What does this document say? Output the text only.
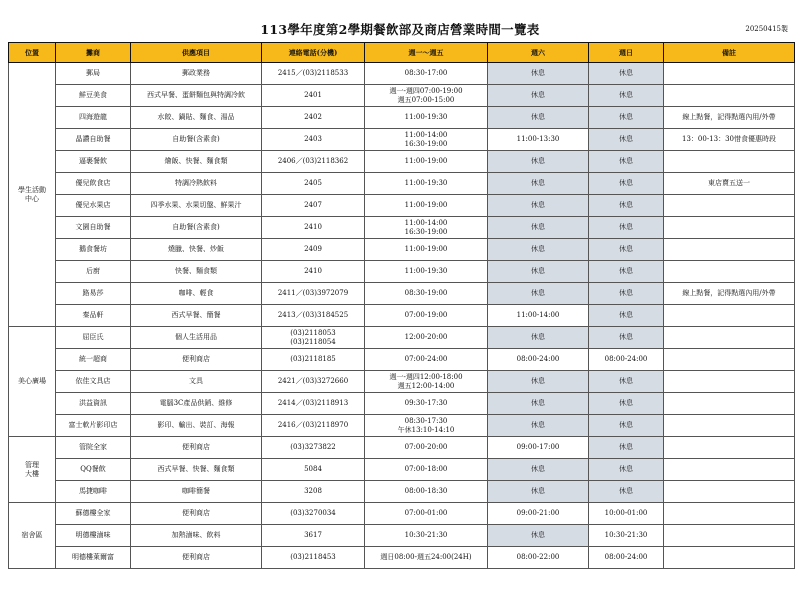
113學年度第2學期餐飲部及商店營業時間一覽表	20250415製
位置	攤商	供應項目	連絡電話(分機)	週一～週五	週六	週日	備註

學生活動
中心	郵局	郵政業務	2415／(03)2118533	08:30-17:00	休息	休息	
	鮮豆美食	西式早餐、蛋餅麵包與特調冷飲	2401	週一-週四07:00-19:00
週五07:00-15:00	休息	休息	
	四海遊龍	水餃、鍋貼、麵食、湯品	2402	11:00-19:30	休息	休息	線上點餐，記得點選內用/外帶
	晶讚自助餐	自助餐(含素食)	2403	11:00-14:00
16:30-19:00	11:00-13:30	休息	13：00-13：30惜食優惠時段
	逼裹餐飲	燴飯、快餐、麵食類	2406／(03)2118362	11:00-19:00	休息	休息	
	優兒飲食店	特調冷熱飲料	2405	11:00-19:30	休息	休息	東店賣五送一
	優兒水果店	四季水果、水果切盤、鮮果汁	2407	11:00-19:00	休息	休息	
	文園自助餐	自助餐(含素食)	2410	11:00-14:00
16:30-19:00	休息	休息	
	鵝食餐坊	燒臘、快餐、炒飯	2409	11:00-19:00	休息	休息	
	后廚	快餐、麵食類	2410	11:00-19:30	休息	休息	
	路易莎	咖啡、輕食	2411／(03)3972079	08:30-19:00	休息	休息	線上點餐，記得點選內用/外帶
	秦品軒	西式早餐、簡餐	2413／(03)3184525	07:00-19:00	11:00-14:00	休息	

美心廣場	屈臣氏	個人生活用品	(03)2118053
(03)2118054	12:00-20:00	休息	休息	
	統一超商	便利商店	(03)2118185	07:00-24:00	08:00-24:00	08:00-24:00	
	依佳文具店	文具	2421／(03)3272660	週一-週四12:00-18:00
週五12:00-14:00	休息	休息	
	洪益資訊	電腦3C產品供銷、維修	2414／(03)2118913	09:30-17:30	休息	休息	
	富士軟片影印店	影印、輸出、裝訂、海報	2416／(03)2118970	08:30-17:30
午休13:10-14:10	休息	休息	

管理
大樓	管院全家	便利商店	(03)3273822	07:00-20:00	09:00-17:00	休息	
	QQ餐飲	西式早餐、快餐、麵食類	5084	07:00-18:00	休息	休息	
	馬捷咖啡	咖啡簡餐	3208	08:00-18:30	休息	休息	

宿舍區	蘇德樓全家	便利商店	(03)3270034	07:00-01:00	09:00-21:00	10:00-01:00	
	明德樓滷味	加熱滷味、飲料	3617	10:30-21:30	休息	10:30-21:30	
	明德樓萊爾富	便利商店	(03)2118453	週日08:00-週五24:00(24H)	08:00-22:00	08:00-24:00	
